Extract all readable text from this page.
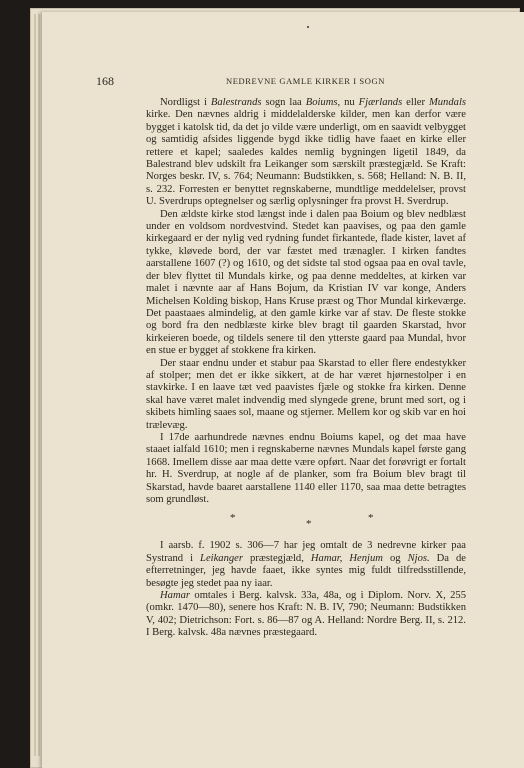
168	NEDREVNE GAMLE KIRKER I SOGN

Nordligst i Balestrands sogn laa Boiums, nu Fjærlands eller Mundals kirke. Den nævnes aldrig i middelalderske kilder, men kan derfor være bygget i katolsk tid, da det jo vilde være underligt, om en saavidt velbygget og samtidig afsides liggende bygd ikke tidlig have faaet en kirke eller rettere et kapel; saaledes kaldes nemlig bygningen ligetil 1849, da Balestrand blev udskilt fra Leikanger som særskilt præstegjæld. Se Kraft: Norges beskr. IV, s. 764; Neumann: Budstikken, s. 568; Helland: N. B. II, s. 232. Forresten er benyttet regnskaberne, mundtlige meddelelser, provst U. Sverdrups optegnelser og særlig oplysninger fra provst H. Sverdrup.

Den ældste kirke stod længst inde i dalen paa Boium og blev nedblæst under en voldsom nordvestvind. Stedet kan paavises, og paa den gamle kirkegaard er der nylig ved rydning fundet firkantede, flade kister, lavet af tykke, kløvede bord, der var fæstet med trænagler. I kirken fandtes aarstallene 1607 (?) og 1610, og det sidste tal stod ogsaa paa en oval tavle, der blev flyttet til Mundals kirke, og paa denne meddeltes, at kirken var malet i nævnte aar af Hans Bojum, da Kristian IV var konge, Anders Michelsen Kolding biskop, Hans Kruse præst og Thor Mundal kirkeværge. Det paastaaes almindelig, at den gamle kirke var af stav. De fleste stokke og bord fra den nedblæste kirke blev bragt til gaarden Skarstad, hvor kirkeieren boede, og tildels senere til den ytterste gaard paa Mundal, hvor en stue er bygget af stokkene fra kirken.

Der staar endnu under et stabur paa Skarstad to eller flere endestykker af stolper; men det er ikke sikkert, at de har været hjørnestolper i en stavkirke. I en laave tæt ved paavistes fjæle og stokke fra kirken. Denne skal have været malet indvendig med slyngede grene, brunt med sort, og i skibets himling saaes sol, maane og stjerner. Mellem kor og skib var en hoi trælevæg.

I 17de aarhundrede nævnes endnu Boiums kapel, og det maa have staaet ialfald 1610; men i regnskaberne nævnes Mundals kapel første gang 1668. Imellem disse aar maa dette være opført. Naar det forøvrigt er fortalt hr. H. Sverdrup, at nogle af de planker, som fra Boium blev bragt til Skarstad, havde baaret aarstallene 1140 eller 1170, saa maa dette betragtes som grundløst.

*	*	*

I aarsb. f. 1902 s. 306—7 har jeg omtalt de 3 nedrevne kirker paa Systrand i Leikanger præstegjæld, Hamar, Henjum og Njos. Da de efterretninger, jeg havde faaet, ikke syntes mig fuldt tilfredsstillende, besøgte jeg stedet paa ny iaar.

Hamar omtales i Berg. kalvsk. 33a, 48a, og i Diplom. Norv. X, 255 (omkr. 1470—80), senere hos Kraft: N. B. IV, 790; Neumann: Budstikken V, 402; Dietrichson: Fort. s. 86—87 og A. Helland: Nordre Berg. II, s. 212. I Berg. kalvsk. 48a nævnes præstegaard.
